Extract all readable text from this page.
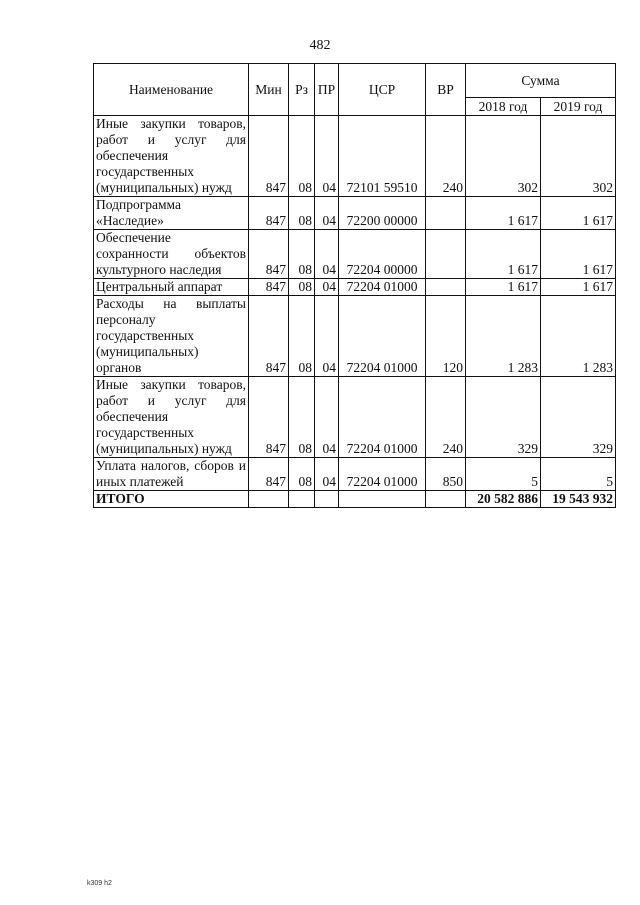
482
Наименование	Мин	Рз	ПР	ЦСР	ВР	Сумма	
						2018 год	2019 год
Иные закупки товаров, работ и услуг для обеспечения государственных (муниципальных) нужд	847	08	04	72101 59510	240	302	302
Подпрограмма «Наследие»	847	08	04	72200 00000		1 617	1 617
Обеспечение сохранности объектов культурного наследия	847	08	04	72204 00000		1 617	1 617
Центральный аппарат	847	08	04	72204 01000		1 617	1 617
Расходы на выплаты персоналу государственных (муниципальных) органов	847	08	04	72204 01000	120	1 283	1 283
Иные закупки товаров, работ и услуг для обеспечения государственных (муниципальных) нужд	847	08	04	72204 01000	240	329	329
Уплата налогов, сборов и иных платежей	847	08	04	72204 01000	850	5	5
ИТОГО						20 582 886	19 543 932
k309 h2
